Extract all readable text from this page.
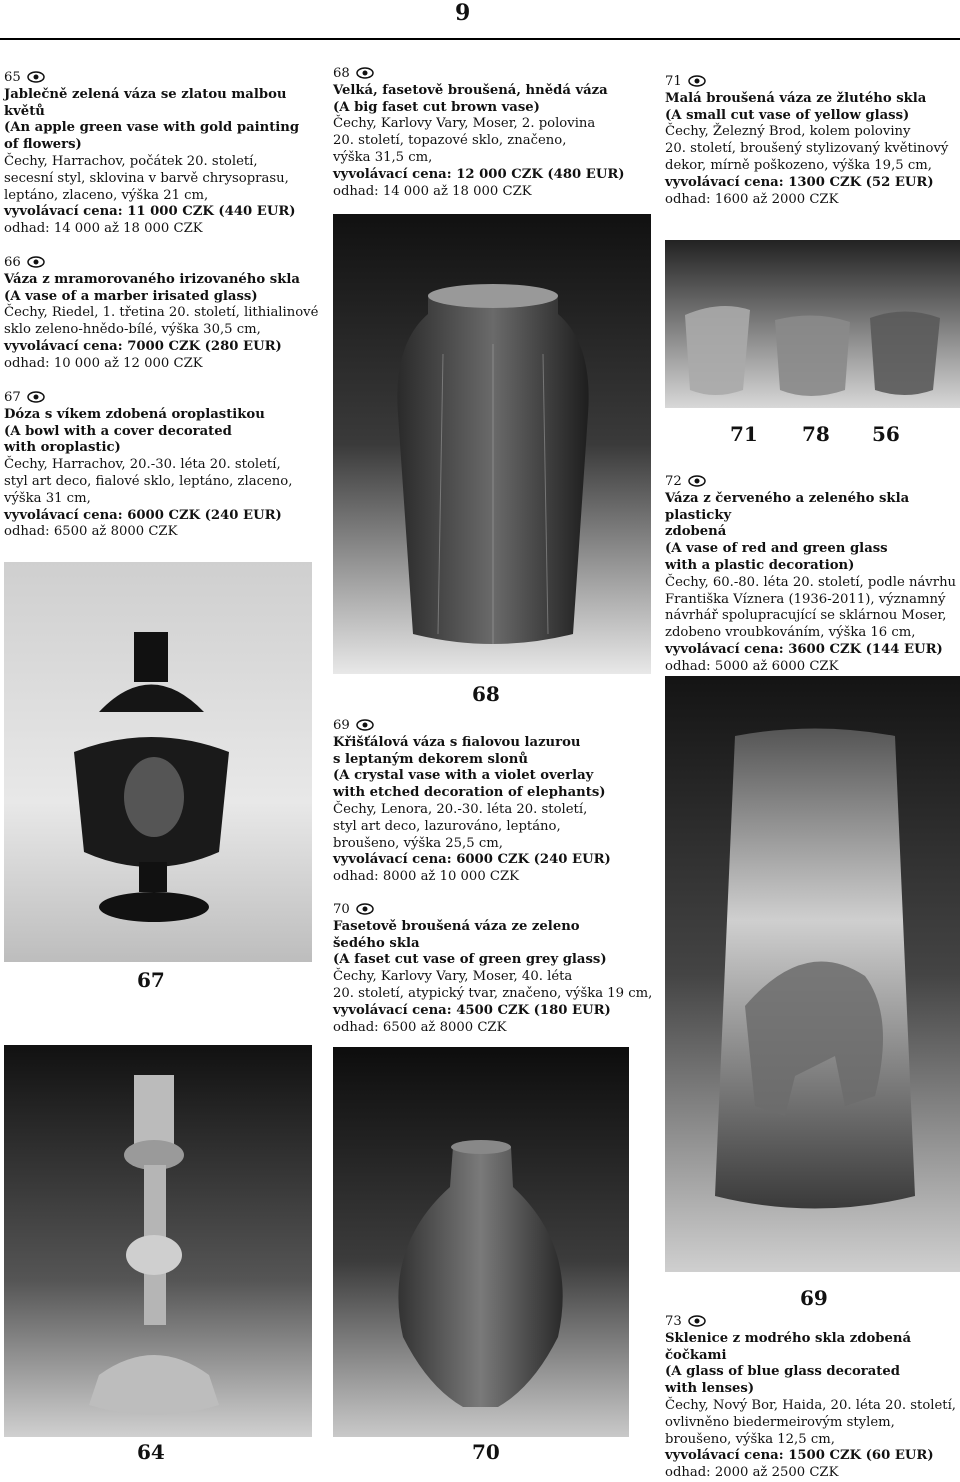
9
65
Jablečně zelená váza se zlatou malbou
květů
(An apple green vase with gold painting
of flowers)
Čechy, Harrachov, počátek 20. století,
secesní styl, sklovina v barvě chrysoprasu,
leptáno, zlaceno, výška 21 cm,
vyvolávací cena: 11 000 CZK (440 EUR)
odhad: 14 000 až 18 000 CZK
66
Váza z mramorovaného irizovaného skla
(A vase of a marber irisated glass)
Čechy, Riedel, 1. třetina 20. století, lithialinové
sklo zeleno-hnědo-bílé, výška 30,5 cm,
vyvolávací cena: 7000 CZK (280 EUR)
odhad: 10 000 až 12 000 CZK
67
Dóza s víkem zdobená oroplastikou
(A bowl with a cover decorated
with oroplastic)
Čechy, Harrachov, 20.-30. léta 20. století,
styl art deco, fialové sklo, leptáno, zlaceno,
výška 31 cm,
vyvolávací cena: 6000 CZK (240 EUR)
odhad: 6500 až 8000 CZK
68
Velká, fasetově broušená, hnědá váza
(A big faset cut brown vase)
Čechy, Karlovy Vary, Moser, 2. polovina
20. století, topazové sklo, značeno,
výška 31,5 cm,
vyvolávací cena: 12 000 CZK (480 EUR)
odhad: 14 000 až 18 000 CZK
71
Malá broušená váza ze žlutého skla
(A small cut vase of yellow glass)
Čechy, Železný Brod, kolem poloviny
20. století, broušený stylizovaný květinový
dekor, mírně poškozeno, výška 19,5 cm,
vyvolávací cena: 1300 CZK (52 EUR)
odhad: 1600 až 2000 CZK
72
Váza z červeného a zeleného skla plasticky
zdobená
(A vase of red and green glass
with a plastic decoration)
Čechy, 60.-80. léta 20. století, podle návrhu
Františka Víznera (1936-2011), významný
návrhář spolupracující se sklárnou Moser,
zdobeno vroubkováním, výška 16 cm,
vyvolávací cena: 3600 CZK (144 EUR)
odhad: 5000 až 6000 CZK
69
Křišťálová váza s fialovou lazurou
s leptaným dekorem slonů
(A crystal vase with a violet overlay
with etched decoration of elephants)
Čechy, Lenora, 20.-30. léta 20. století,
styl art deco, lazurováno, leptáno,
broušeno, výška 25,5 cm,
vyvolávací cena: 6000 CZK (240 EUR)
odhad: 8000 až 10 000 CZK
70
Fasetově broušená váza ze zeleno
šedého skla
(A faset cut vase of green grey glass)
Čechy, Karlovy Vary, Moser, 40. léta
20. století, atypický tvar, značeno, výška 19 cm,
vyvolávací cena: 4500 CZK (180 EUR)
odhad: 6500 až 8000 CZK
73
Sklenice z modrého skla zdobená čočkami
(A glass of blue glass decorated
with lenses)
Čechy, Nový Bor, Haida, 20. léta 20. století,
ovlivněno biedermeirovým stylem,
broušeno, výška 12,5 cm,
vyvolávací cena: 1500 CZK (60 EUR)
odhad: 2000 až 2500 CZK
68
71 78 56
67
69
64	70
